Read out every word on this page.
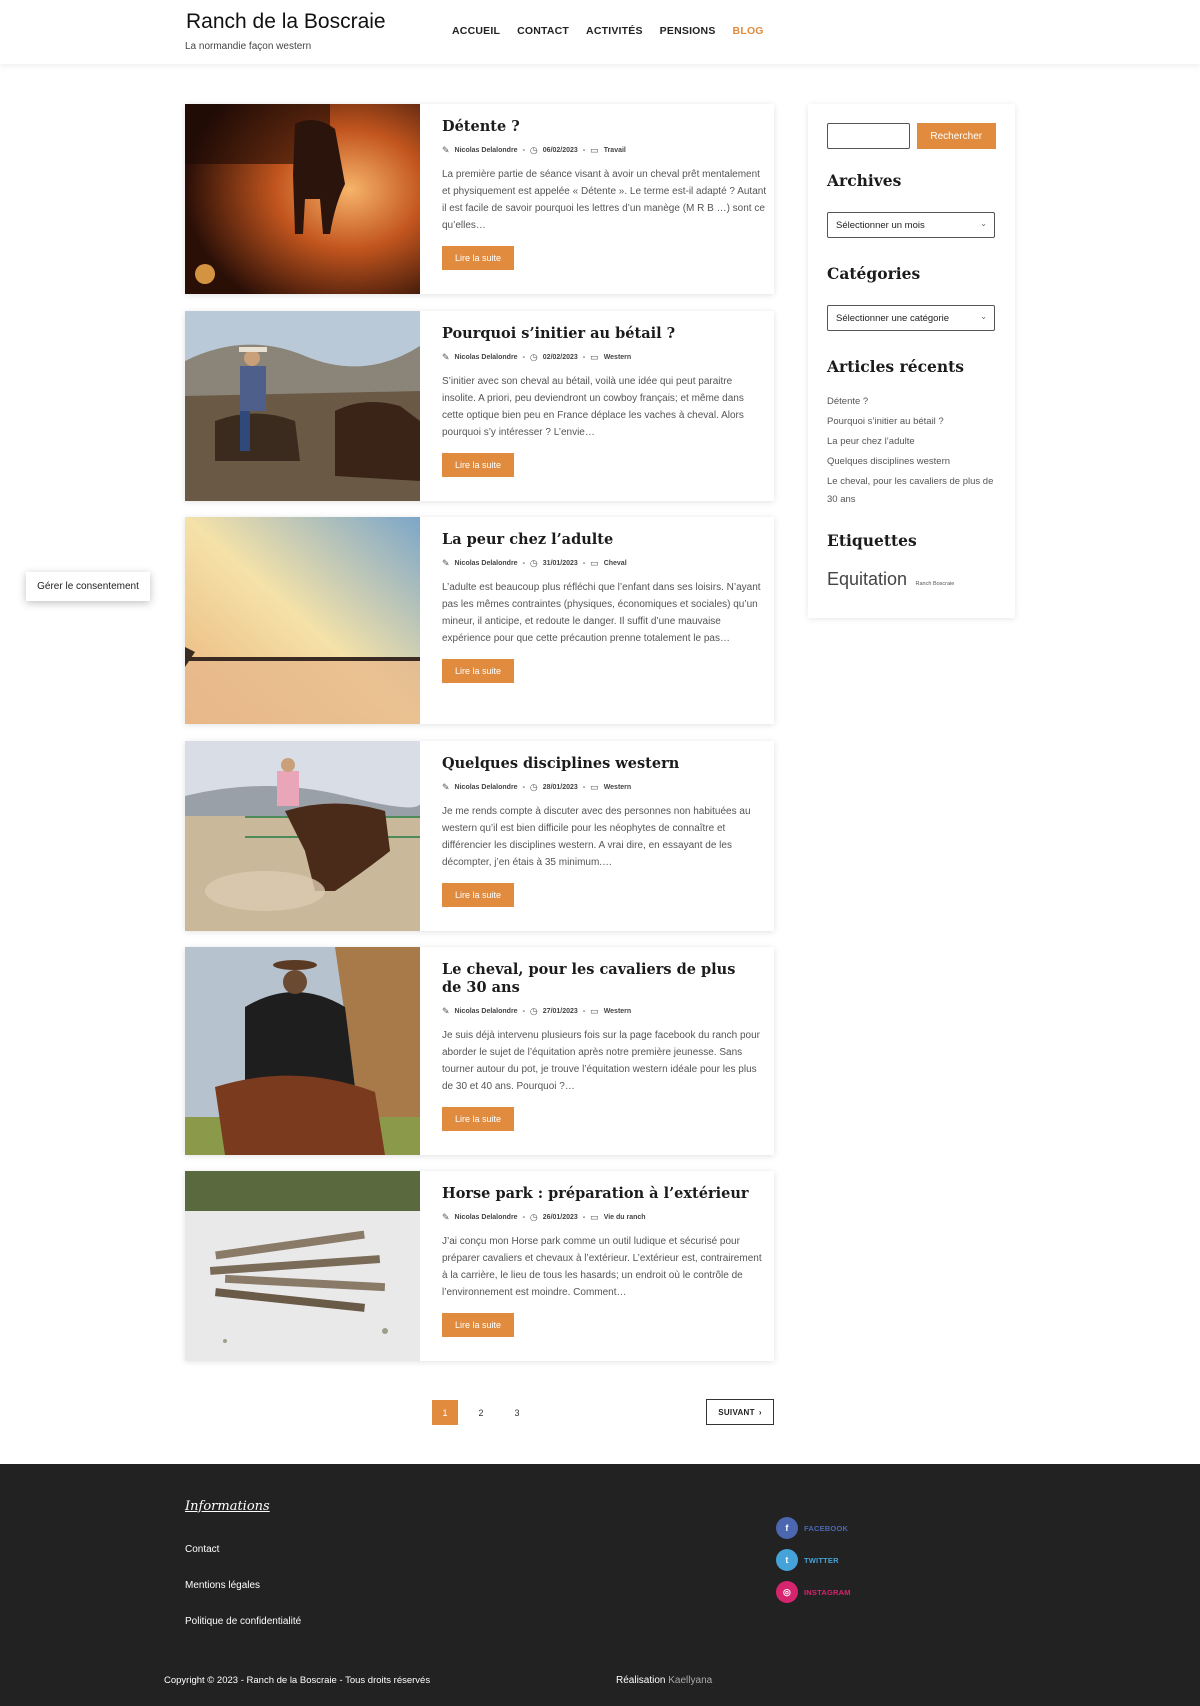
Ranch de la Boscraie
La normandie façon western
ACCUEIL CONTACT ACTIVITÉS PENSIONS BLOG
Détente ?
✎ Nicolas Delalondre - ◷ 06/02/2023 - ▭ Travail
La première partie de séance visant à avoir un cheval prêt mentalement et physiquement est appelée « Détente ». Le terme est-il adapté ? Autant il est facile de savoir pourquoi les lettres d’un manège (M R B …) sont ce qu’elles…
Lire la suite
Pourquoi s’initier au bétail ?
✎ Nicolas Delalondre - ◷ 02/02/2023 - ▭ Western
S’initier avec son cheval au bétail, voilà une idée qui peut paraitre insolite. A priori, peu deviendront un cowboy français; et même dans cette optique bien peu en France déplace les vaches à cheval. Alors pourquoi s’y intéresser ? L’envie…
Lire la suite
La peur chez l’adulte
✎ Nicolas Delalondre - ◷ 31/01/2023 - ▭ Cheval
L’adulte est beaucoup plus réfléchi que l’enfant dans ses loisirs. N’ayant pas les mêmes contraintes (physiques, économiques et sociales) qu’un mineur, il anticipe, et redoute le danger. Il suffit d’une mauvaise expérience pour que cette précaution prenne totalement le pas…
Lire la suite
Quelques disciplines western
✎ Nicolas Delalondre - ◷ 28/01/2023 - ▭ Western
Je me rends compte à discuter avec des personnes non habituées au western qu’il est bien difficile pour les néophytes de connaître et différencier les disciplines western. A vrai dire, en essayant de les décompter, j’en étais à 35 minimum.…
Lire la suite
Le cheval, pour les cavaliers de plus de 30 ans
✎ Nicolas Delalondre - ◷ 27/01/2023 - ▭ Western
Je suis déjà intervenu plusieurs fois sur la page facebook du ranch pour aborder le sujet de l’équitation après notre première jeunesse. Sans tourner autour du pot, je trouve l’équitation western idéale pour les plus de 30 et 40 ans. Pourquoi ?…
Lire la suite
Horse park : préparation à l’extérieur
✎ Nicolas Delalondre - ◷ 26/01/2023 - ▭ Vie du ranch
J’ai conçu mon Horse park comme un outil ludique et sécurisé pour préparer cavaliers et chevaux à l’extérieur. L’extérieur est, contrairement à la carrière, le lieu de tous les hasards; un endroit où le contrôle de l’environnement est moindre. Comment…
Lire la suite
Rechercher
Archives
Sélectionner un mois	⌄
Catégories
Sélectionner une catégorie	⌄
Articles récents
Détente ?
Pourquoi s’initier au bétail ?
La peur chez l’adulte
Quelques disciplines western
Le cheval, pour les cavaliers de plus de 30 ans
Etiquettes
Equitation Ranch Boscraie
Gérer le consentement
1	2	3	SUIVANT ›
Informations
Contact
Mentions légales
Politique de confidentialité
f	FACEBOOK
t	TWITTER
◎	INSTAGRAM
Copyright © 2023 - Ranch de la Boscraie - Tous droits réservés	Réalisation Kaellyana
